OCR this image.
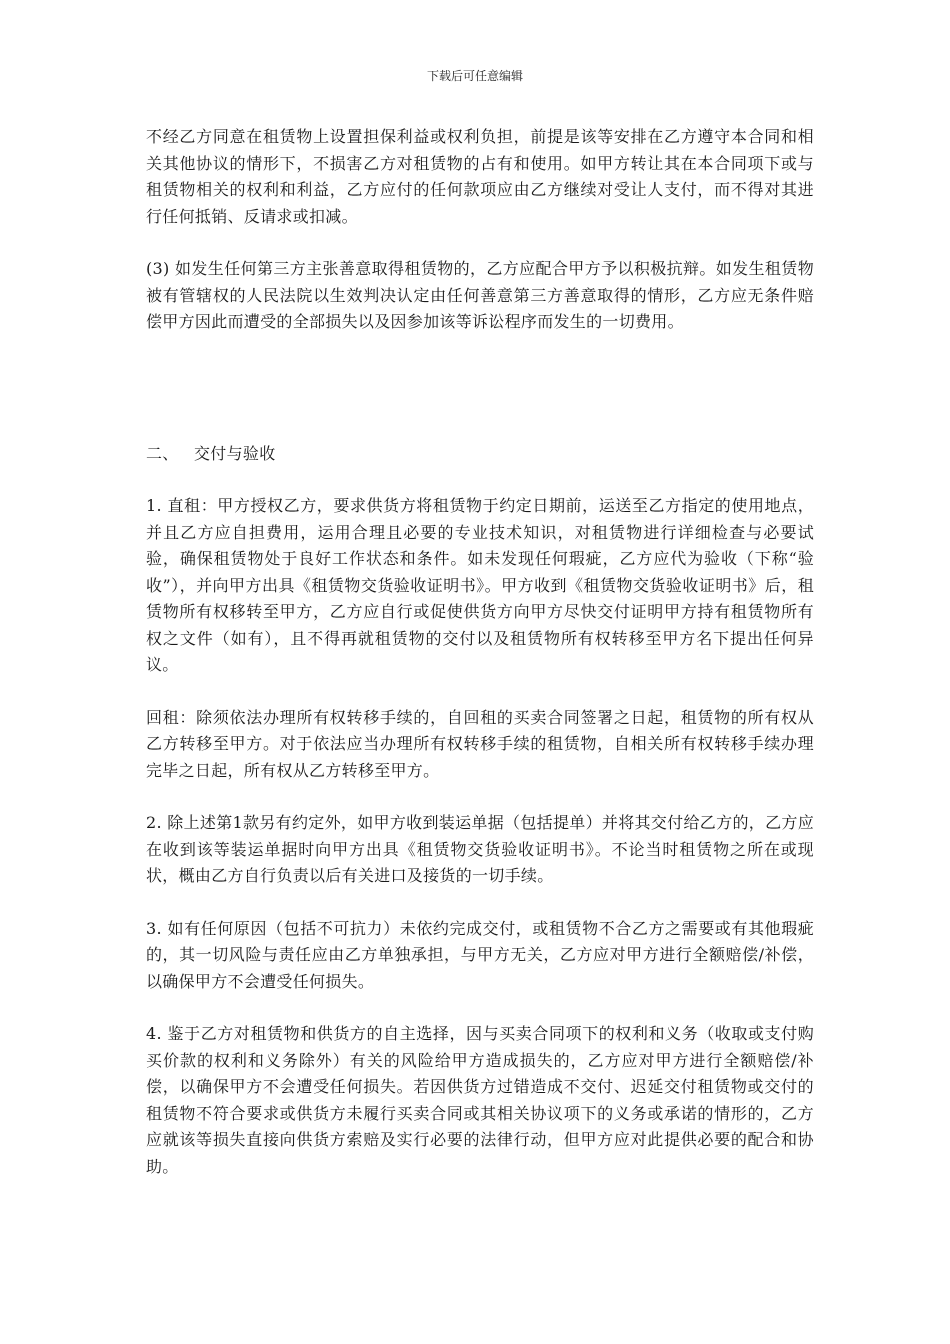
下载后可任意编辑

不经乙方同意在租赁物上设置担保利益或权利负担，前提是该等安排在乙方遵守本合同和相关其他协议的情形下，不损害乙方对租赁物的占有和使用。如甲方转让其在本合同项下或与租赁物相关的权利和利益，乙方应付的任何款项应由乙方继续对受让人支付，而不得对其进行任何抵销、反请求或扣减。

(3) 如发生任何第三方主张善意取得租赁物的，乙方应配合甲方予以积极抗辩。如发生租赁物被有管辖权的人民法院以生效判决认定由任何善意第三方善意取得的情形，乙方应无条件赔偿甲方因此而遭受的全部损失以及因参加该等诉讼程序而发生的一切费用。

二、 交付与验收

1. 直租：甲方授权乙方，要求供货方将租赁物于约定日期前，运送至乙方指定的使用地点，并且乙方应自担费用，运用合理且必要的专业技术知识，对租赁物进行详细检查与必要试验，确保租赁物处于良好工作状态和条件。如未发现任何瑕疵，乙方应代为验收（下称“验收”），并向甲方出具《租赁物交货验收证明书》。甲方收到《租赁物交货验收证明书》后，租赁物所有权移转至甲方，乙方应自行或促使供货方向甲方尽快交付证明甲方持有租赁物所有权之文件（如有），且不得再就租赁物的交付以及租赁物所有权转移至甲方名下提出任何异议。

回租：除须依法办理所有权转移手续的，自回租的买卖合同签署之日起，租赁物的所有权从乙方转移至甲方。对于依法应当办理所有权转移手续的租赁物，自相关所有权转移手续办理完毕之日起，所有权从乙方转移至甲方。

2. 除上述第1款另有约定外，如甲方收到装运单据（包括提单）并将其交付给乙方的，乙方应在收到该等装运单据时向甲方出具《租赁物交货验收证明书》。不论当时租赁物之所在或现状，概由乙方自行负责以后有关进口及接货的一切手续。

3. 如有任何原因（包括不可抗力）未依约完成交付，或租赁物不合乙方之需要或有其他瑕疵的，其一切风险与责任应由乙方单独承担，与甲方无关，乙方应对甲方进行全额赔偿/补偿，以确保甲方不会遭受任何损失。

4. 鉴于乙方对租赁物和供货方的自主选择，因与买卖合同项下的权利和义务（收取或支付购买价款的权利和义务除外）有关的风险给甲方造成损失的，乙方应对甲方进行全额赔偿/补偿，以确保甲方不会遭受任何损失。若因供货方过错造成不交付、迟延交付租赁物或交付的租赁物不符合要求或供货方未履行买卖合同或其相关协议项下的义务或承诺的情形的，乙方应就该等损失直接向供货方索赔及实行必要的法律行动，但甲方应对此提供必要的配合和协助。
